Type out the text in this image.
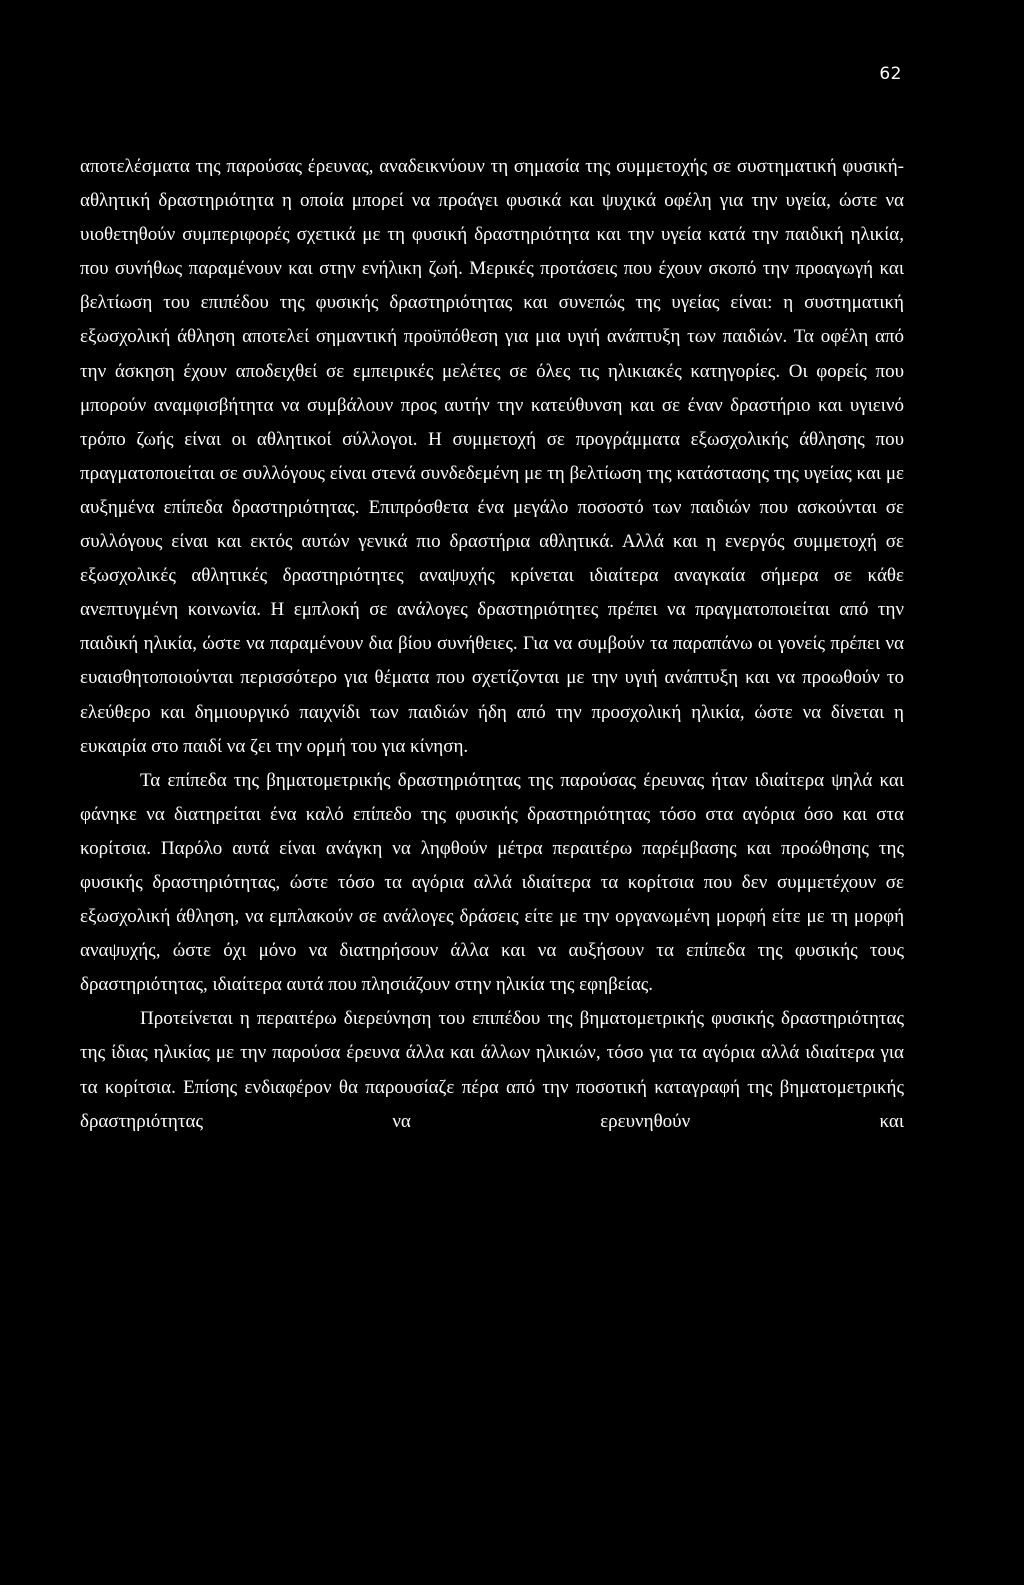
62

αποτελέσματα της παρούσας έρευνας, αναδεικνύουν τη σημασία της συμμετοχής σε συστηματική φυσική-αθλητική δραστηριότητα η οποία μπορεί να προάγει φυσικά και ψυχικά οφέλη για την υγεία, ώστε να υιοθετηθούν συμπεριφορές σχετικά με τη φυσική δραστηριότητα και την υγεία κατά την παιδική ηλικία, που συνήθως παραμένουν και στην ενήλικη ζωή. Μερικές προτάσεις που έχουν σκοπό την προαγωγή και βελτίωση του επιπέδου της φυσικής δραστηριότητας και συνεπώς της υγείας είναι: η συστηματική εξωσχολική άθληση αποτελεί σημαντική προϋπόθεση για μια υγιή ανάπτυξη των παιδιών. Τα οφέλη από την άσκηση έχουν αποδειχθεί σε εμπειρικές μελέτες σε όλες τις ηλικιακές κατηγορίες. Οι φορείς που μπορούν αναμφισβήτητα να συμβάλουν προς αυτήν την κατεύθυνση και σε έναν δραστήριο και υγιεινό τρόπο ζωής είναι οι αθλητικοί σύλλογοι. Η συμμετοχή σε προγράμματα εξωσχολικής άθλησης που πραγματοποιείται σε συλλόγους είναι στενά συνδεδεμένη με τη βελτίωση της κατάστασης της υγείας και με αυξημένα επίπεδα δραστηριότητας. Επιπρόσθετα ένα μεγάλο ποσοστό των παιδιών που ασκούνται σε συλλόγους είναι και εκτός αυτών γενικά πιο δραστήρια αθλητικά. Αλλά και η ενεργός συμμετοχή σε εξωσχολικές αθλητικές δραστηριότητες αναψυχής κρίνεται ιδιαίτερα αναγκαία σήμερα σε κάθε ανεπτυγμένη κοινωνία. Η εμπλοκή σε ανάλογες δραστηριότητες πρέπει να πραγματοποιείται από την παιδική ηλικία, ώστε να παραμένουν δια βίου συνήθειες. Για να συμβούν τα παραπάνω οι γονείς πρέπει να ευαισθητοποιούνται περισσότερο για θέματα που σχετίζονται με την υγιή ανάπτυξη και να προωθούν το ελεύθερο και δημιουργικό παιχνίδι των παιδιών ήδη από την προσχολική ηλικία, ώστε να δίνεται η ευκαιρία στο παιδί να ζει την ορμή του για κίνηση.

Τα επίπεδα της βηματομετρικής δραστηριότητας της παρούσας έρευνας ήταν ιδιαίτερα ψηλά και φάνηκε να διατηρείται ένα καλό επίπεδο της φυσικής δραστηριότητας τόσο στα αγόρια όσο και στα κορίτσια. Παρόλο αυτά είναι ανάγκη να ληφθούν μέτρα περαιτέρω παρέμβασης και προώθησης της φυσικής δραστηριότητας, ώστε τόσο τα αγόρια αλλά ιδιαίτερα τα κορίτσια που δεν συμμετέχουν σε εξωσχολική άθληση, να εμπλακούν σε ανάλογες δράσεις είτε με την οργανωμένη μορφή είτε με τη μορφή αναψυχής, ώστε όχι μόνο να διατηρήσουν άλλα και να αυξήσουν τα επίπεδα της φυσικής τους δραστηριότητας, ιδιαίτερα αυτά που πλησιάζουν στην ηλικία της εφηβείας.

Προτείνεται η περαιτέρω διερεύνηση του επιπέδου της βηματομετρικής φυσικής δραστηριότητας της ίδιας ηλικίας με την παρούσα έρευνα άλλα και άλλων ηλικιών, τόσο για τα αγόρια αλλά ιδιαίτερα για τα κορίτσια. Επίσης ενδιαφέρον θα παρουσίαζε πέρα από την ποσοτική καταγραφή της βηματομετρικής δραστηριότητας να ερευνηθούν και
